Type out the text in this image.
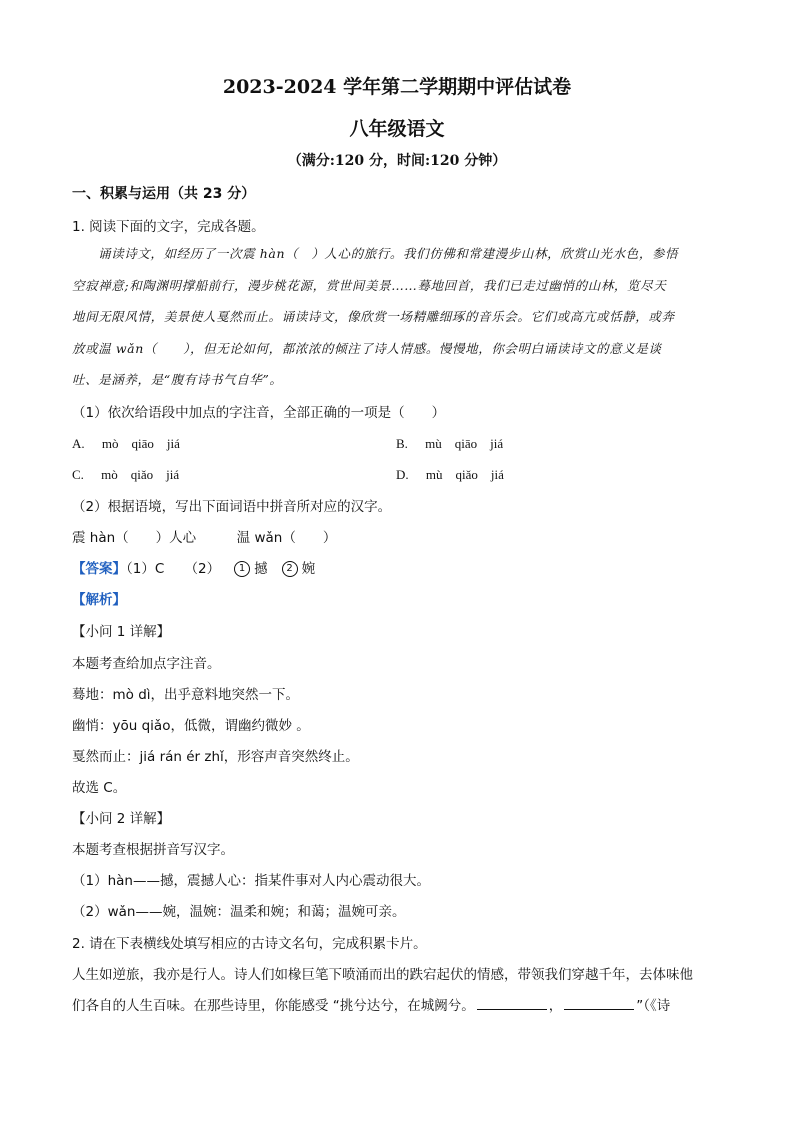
2023-2024 学年第二学期期中评估试卷
八年级语文
（满分:120 分，时间:120 分钟）
一、积累与运用（共 23 分）
1. 阅读下面的文字，完成各题。
诵读诗文，如经历了一次震 hàn（　）人心的旅行。我们仿佛和常建漫步山林，欣赏山光水色，参悟
空寂禅意;和陶渊明撑船前行，漫步桃花源，赏世间美景……蓦地回首，我们已走过幽悄的山林，览尽天
地间无限风情，美景使人戛然而止。诵读诗文，像欣赏一场精雕细琢的音乐会。它们或高亢或恬静，或奔
放或温 wǎn（　　），但无论如何，都浓浓的倾注了诗人情感。慢慢地，你会明白诵读诗文的意义是谈
吐、是涵养，是“腹有诗书气自华”。
（1）依次给语段中加点的字注音，全部正确的一项是（　　）
A. mò　qiāo　jiá	B. mù　qiāo　jiá
C. mò　qiǎo　jiá	D. mù　qiǎo　jiá
（2）根据语境，写出下面词语中拼音所对应的汉字。
震 hàn（　　）人心　　　温 wǎn（　　）
【答案】（1）C　　（2） 1 撼 2 婉
【解析】
【小问 1 详解】
本题考查给加点字注音。
蓦地：mò dì，出乎意料地突然一下。
幽悄：yōu qiǎo，低微，谓幽约微妙 。
戛然而止：jiá rán ér zhǐ，形容声音突然终止。
故选 C。
【小问 2 详解】
本题考查根据拼音写汉字。
（1）hàn——撼，震撼人心：指某件事对人内心震动很大。
（2）wǎn——婉，温婉：温柔和婉；和蔼；温婉可亲。
2. 请在下表横线处填写相应的古诗文名句，完成积累卡片。
人生如逆旅，我亦是行人。诗人们如椽巨笔下喷涌而出的跌宕起伏的情感，带领我们穿越千年，去体味他
们各自的人生百味。在那些诗里，你能感受 “挑兮达兮，在城阙兮。	，	”（《诗
